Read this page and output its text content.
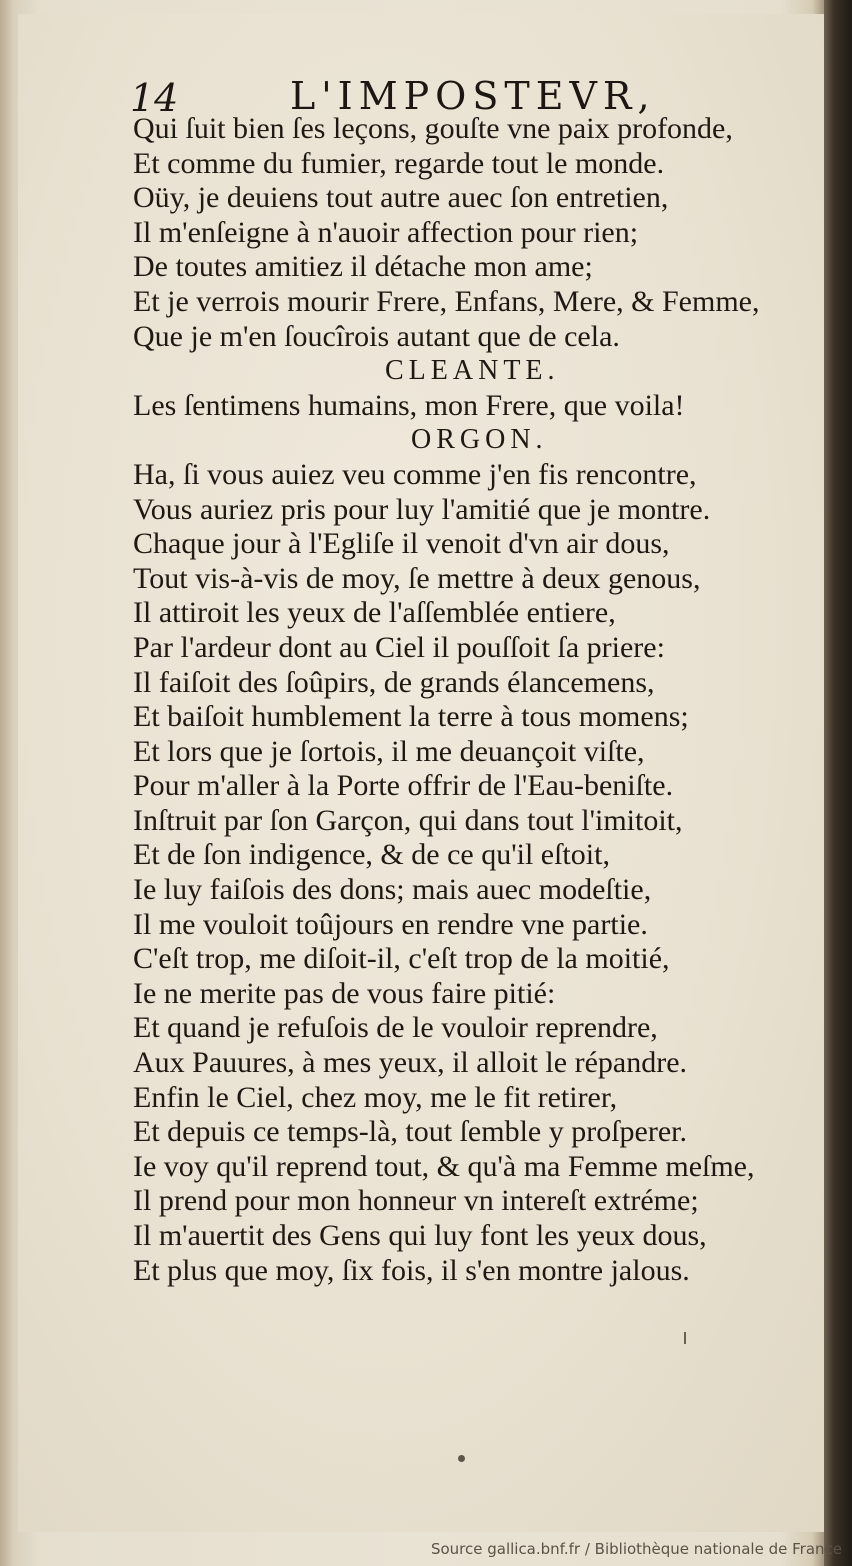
14	L'IMPOSTEVR,
Qui ſuit bien ſes leçons, gouſte vne paix profonde,
Et comme du fumier, regarde tout le monde.
Oüy, je deuiens tout autre auec ſon entretien,
Il m'enſeigne à n'auoir affection pour rien;
De toutes amitiez il détache mon ame;
Et je verrois mourir Frere, Enfans, Mere, & Femme,
Que je m'en ſoucîrois autant que de cela.
CLEANTE.
Les ſentimens humains, mon Frere, que voila!
ORGON.
Ha, ſi vous auiez veu comme j'en fis rencontre,
Vous auriez pris pour luy l'amitié que je montre.
Chaque jour à l'Egliſe il venoit d'vn air dous,
Tout vis-à-vis de moy, ſe mettre à deux genous,
Il attiroit les yeux de l'aſſemblée entiere,
Par l'ardeur dont au Ciel il pouſſoit ſa priere:
Il faiſoit des ſoûpirs, de grands élancemens,
Et baiſoit humblement la terre à tous momens;
Et lors que je ſortois, il me deuançoit viſte,
Pour m'aller à la Porte offrir de l'Eau-beniſte.
Inſtruit par ſon Garçon, qui dans tout l'imitoit,
Et de ſon indigence, & de ce qu'il eſtoit,
Ie luy faiſois des dons; mais auec modeſtie,
Il me vouloit toûjours en rendre vne partie.
C'eſt trop, me diſoit-il, c'eſt trop de la moitié,
Ie ne merite pas de vous faire pitié:
Et quand je refuſois de le vouloir reprendre,
Aux Pauures, à mes yeux, il alloit le répandre.
Enfin le Ciel, chez moy, me le fit retirer,
Et depuis ce temps-là, tout ſemble y proſperer.
Ie voy qu'il reprend tout, & qu'à ma Femme meſme,
Il prend pour mon honneur vn intereſt extréme;
Il m'auertit des Gens qui luy font les yeux dous,
Et plus que moy, ſix fois, il s'en montre jalous.
Source gallica.bnf.fr / Bibliothèque nationale de France
